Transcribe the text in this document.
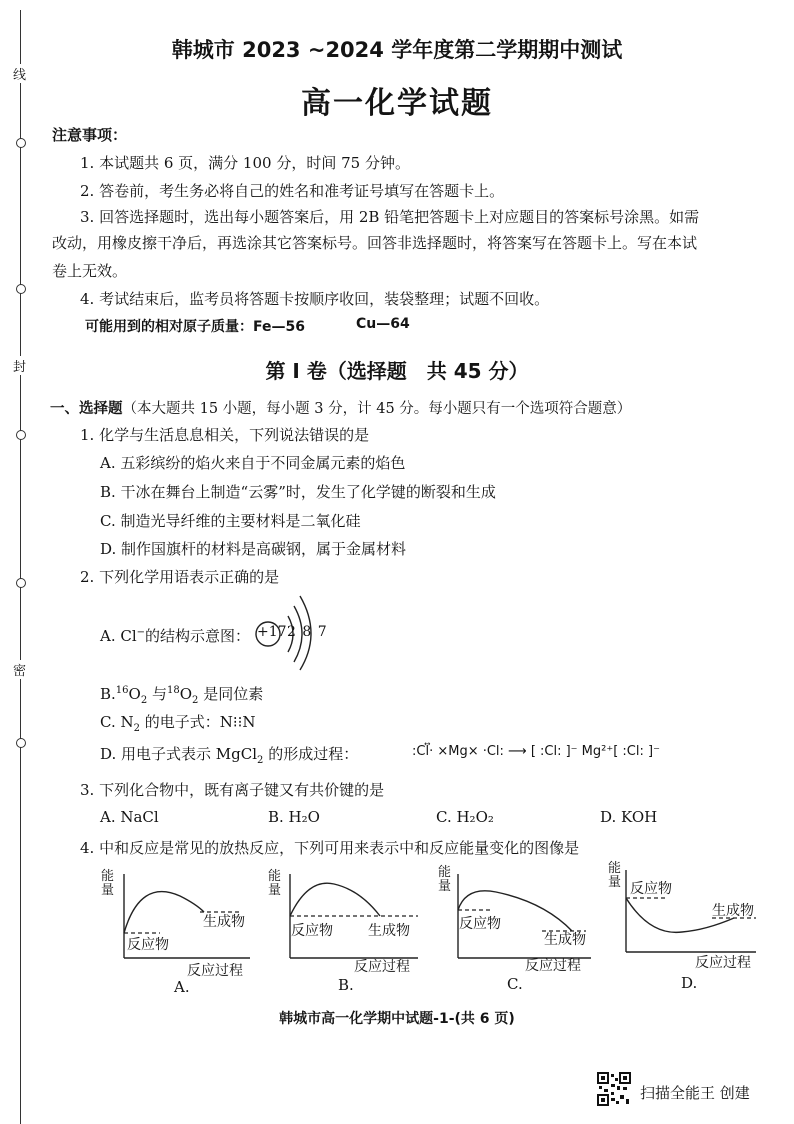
线
封
密
韩城市 2023 ~2024 学年度第二学期期中测试
高一化学试题
注意事项：
1. 本试题共 6 页，满分 100 分，时间 75 分钟。
2. 答卷前，考生务必将自己的姓名和准考证号填写在答题卡上。
3. 回答选择题时，选出每小题答案后，用 2B 铅笔把答题卡上对应题目的答案标号涂黑。如需
改动，用橡皮擦干净后，再选涂其它答案标号。回答非选择题时，将答案写在答题卡上。写在本试
卷上无效。
4. 考试结束后，监考员将答题卡按顺序收回，装袋整理；试题不回收。
可能用到的相对原子质量：Fe—56	Cu—64
第 Ⅰ 卷（选择题　共 45 分）
一、选择题（本大题共 15 小题，每小题 3 分，计 45 分。每小题只有一个选项符合题意）
1. 化学与生活息息相关，下列说法错误的是
A. 五彩缤纷的焰火来自于不同金属元素的焰色
B. 干冰在舞台上制造“云雾”时，发生了化学键的断裂和生成
C. 制造光导纤维的主要材料是二氧化硅
D. 制作国旗杆的材料是高碳钢，属于金属材料
2. 下列化学用语表示正确的是
A. Cl−的结构示意图： +17 2 8 7
$B.^{16}O_2$ 与$^{18}O_2$ 是同位素
C. $N_2$ 的电子式：N⁝⁝N
D. 用电子式表示 MgCl$_2$ 的形成过程：	:Cl⃡· ×Mg× ·Cl: ⟶ [ :Cl: ]⁻ Mg²⁺[ :Cl: ]⁻
3. 下列化合物中，既有离子键又有共价键的是
A. NaCl	B. H₂O	C. H₂O₂	D. KOH
4. 中和反应是常见的放热反应，下列可用来表示中和反应能量变化的图像是
能
量
生成物
反应物
反应过程
A.
能
量
反应物	生成物
反应过程
B.
能
量
反应物
生成物
反应过程
C.
能
量 反应物
生成物
反应过程
D.
韩城市高一化学期中试题-1-(共 6 页)
扫描全能王 创建
